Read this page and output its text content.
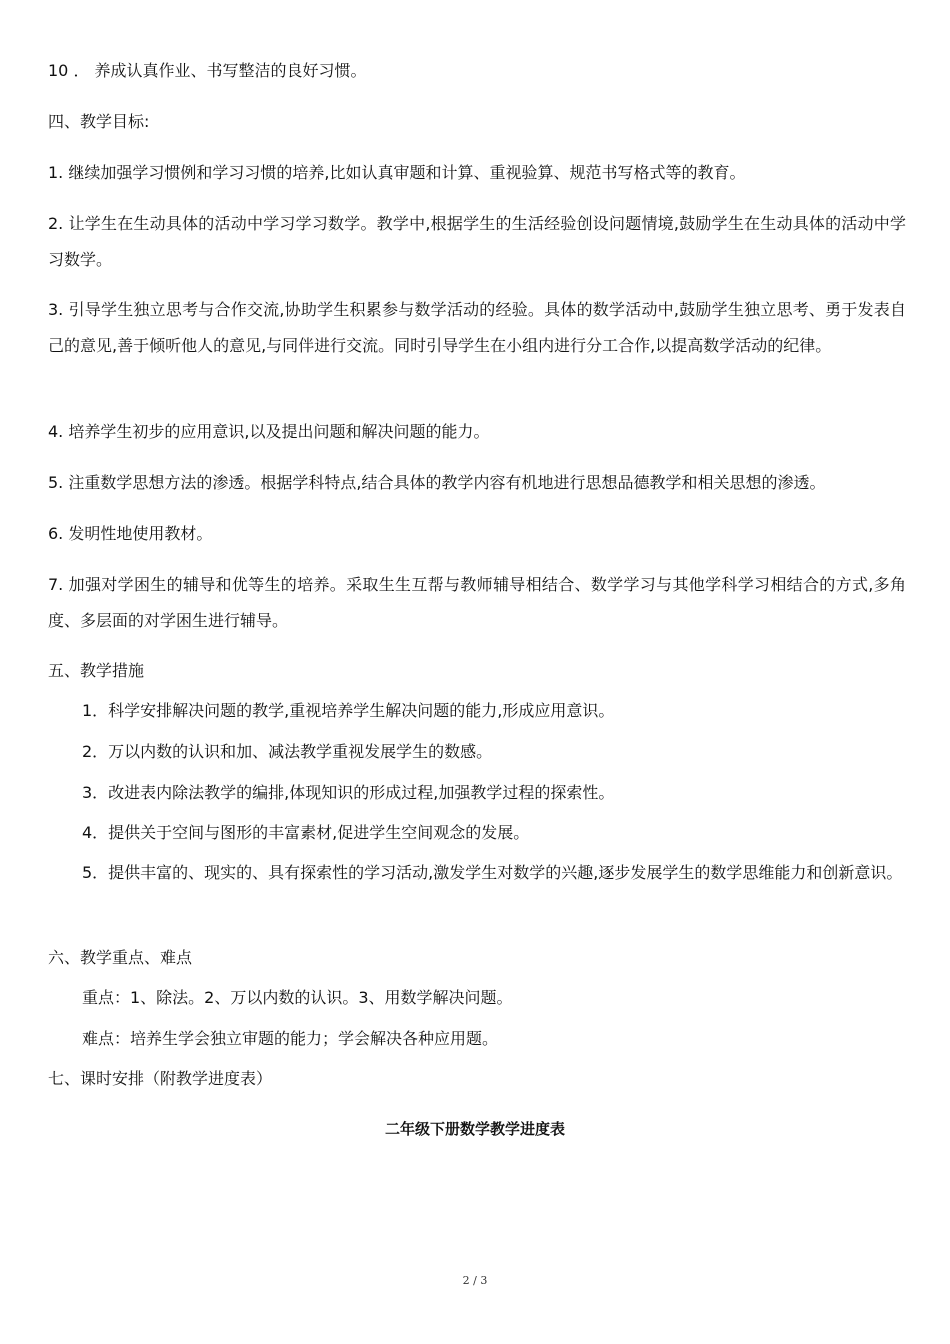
10 ． 养成认真作业、书写整洁的良好习惯。
四、教学目标:
1. 继续加强学习惯例和学习习惯的培养,比如认真审题和计算、重视验算、规范书写格式等的教育。
2. 让学生在生动具体的活动中学习学习数学。教学中,根据学生的生活经验创设问题情境,鼓励学生在生动具体的活动中学习数学。
3. 引导学生独立思考与合作交流,协助学生积累参与数学活动的经验。具体的数学活动中,鼓励学生独立思考、勇于发表自己的意见,善于倾听他人的意见,与同伴进行交流。同时引导学生在小组内进行分工合作,以提高数学活动的纪律。
4. 培养学生初步的应用意识,以及提出问题和解决问题的能力。
5. 注重数学思想方法的渗透。根据学科特点,结合具体的教学内容有机地进行思想品德教学和相关思想的渗透。
6. 发明性地使用教材。
7. 加强对学困生的辅导和优等生的培养。采取生生互帮与教师辅导相结合、数学学习与其他学科学习相结合的方式,多角度、多层面的对学困生进行辅导。
五、教学措施
1．科学安排解决问题的教学,重视培养学生解决问题的能力,形成应用意识。
2．万以内数的认识和加、减法教学重视发展学生的数感。
3．改进表内除法教学的编排,体现知识的形成过程,加强教学过程的探索性。
4．提供关于空间与图形的丰富素材,促进学生空间观念的发展。
5．提供丰富的、现实的、具有探索性的学习活动,激发学生对数学的兴趣,逐步发展学生的数学思维能力和创新意识。
六、教学重点、难点
重点：1、除法。2、万以内数的认识。3、用数学解决问题。
难点：培养生学会独立审题的能力；学会解决各种应用题。
七、课时安排（附教学进度表）
二年级下册数学教学进度表
2 / 3
